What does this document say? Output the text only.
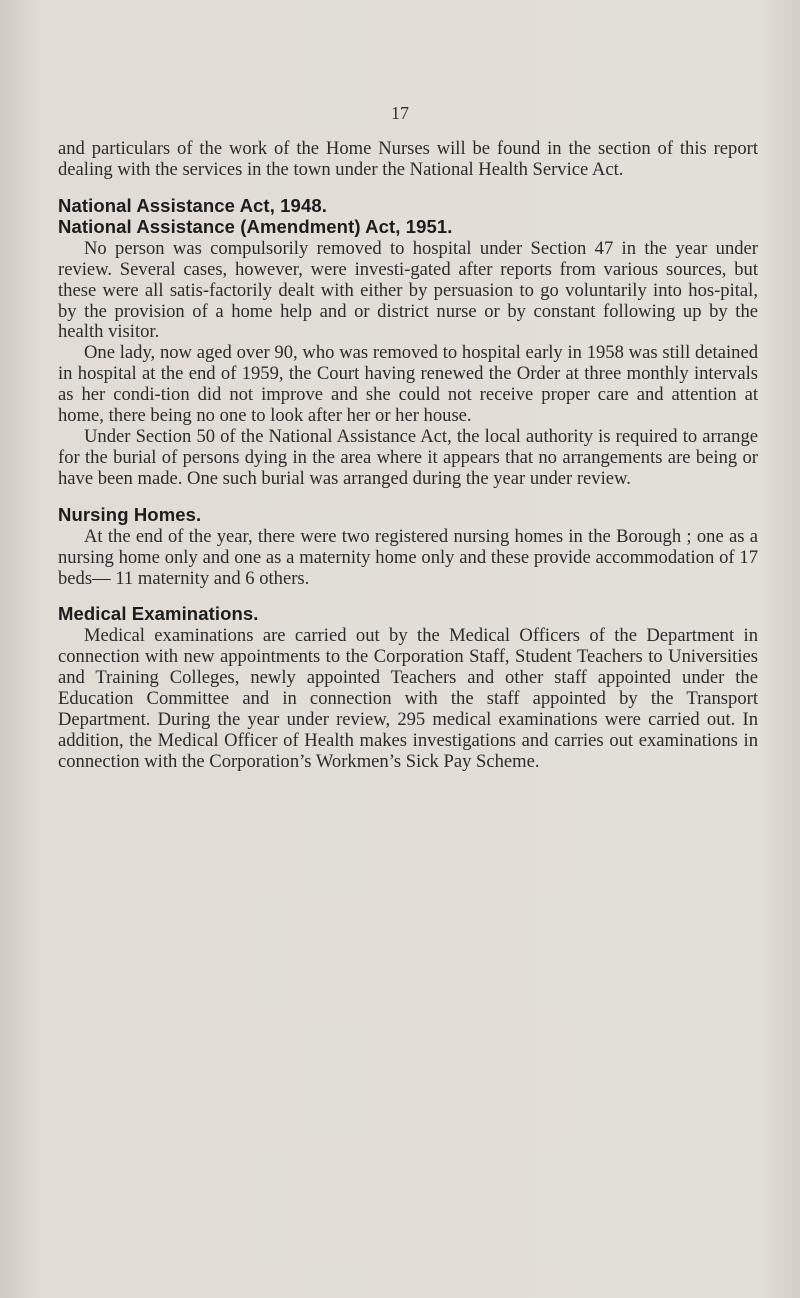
17

and particulars of the work of the Home Nurses will be found in the section of this report dealing with the services in the town under the National Health Service Act.

National Assistance Act, 1948.
National Assistance (Amendment) Act, 1951.

No person was compulsorily removed to hospital under Section 47 in the year under review. Several cases, however, were investi-gated after reports from various sources, but these were all satis-factorily dealt with either by persuasion to go voluntarily into hos-pital, by the provision of a home help and or district nurse or by constant following up by the health visitor.

One lady, now aged over 90, who was removed to hospital early in 1958 was still detained in hospital at the end of 1959, the Court having renewed the Order at three monthly intervals as her condi-tion did not improve and she could not receive proper care and attention at home, there being no one to look after her or her house.

Under Section 50 of the National Assistance Act, the local authority is required to arrange for the burial of persons dying in the area where it appears that no arrangements are being or have been made. One such burial was arranged during the year under review.

Nursing Homes.

At the end of the year, there were two registered nursing homes in the Borough ; one as a nursing home only and one as a maternity home only and these provide accommodation of 17 beds— 11 maternity and 6 others.

Medical Examinations.

Medical examinations are carried out by the Medical Officers of the Department in connection with new appointments to the Corporation Staff, Student Teachers to Universities and Training Colleges, newly appointed Teachers and other staff appointed under the Education Committee and in connection with the staff appointed by the Transport Department. During the year under review, 295 medical examinations were carried out. In addition, the Medical Officer of Health makes investigations and carries out examinations in connection with the Corporation’s Workmen’s Sick Pay Scheme.
